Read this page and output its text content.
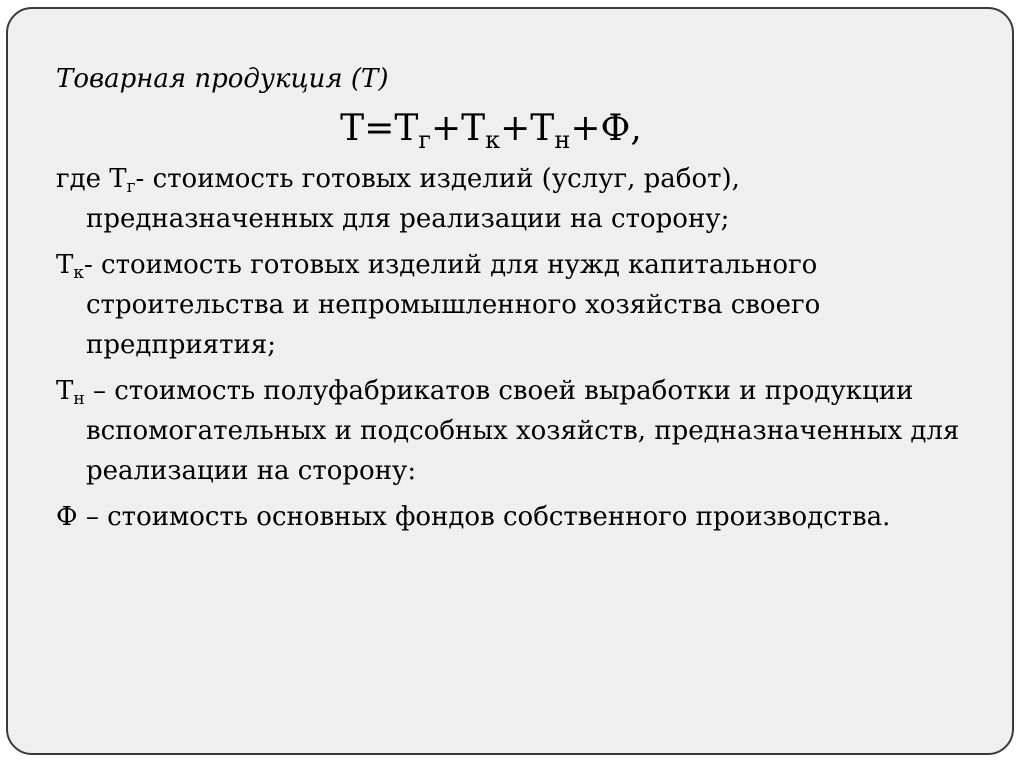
Товарная продукция (Т)
$Т=Т_г+Т_к+Т_н+Ф$,
где $Т_г-$ стоимость готовых изделий (услуг, работ), предназначенных для реализации на сторону;
$Т_к-$ стоимость готовых изделий для нужд капитального строительства и непромышленного хозяйства своего предприятия;
$Т_н$ – стоимость полуфабрикатов своей выработки и продукции вспомогательных и подсобных хозяйств, предназначенных для реализации на сторону:
Ф – стоимость основных фондов собственного производства.
